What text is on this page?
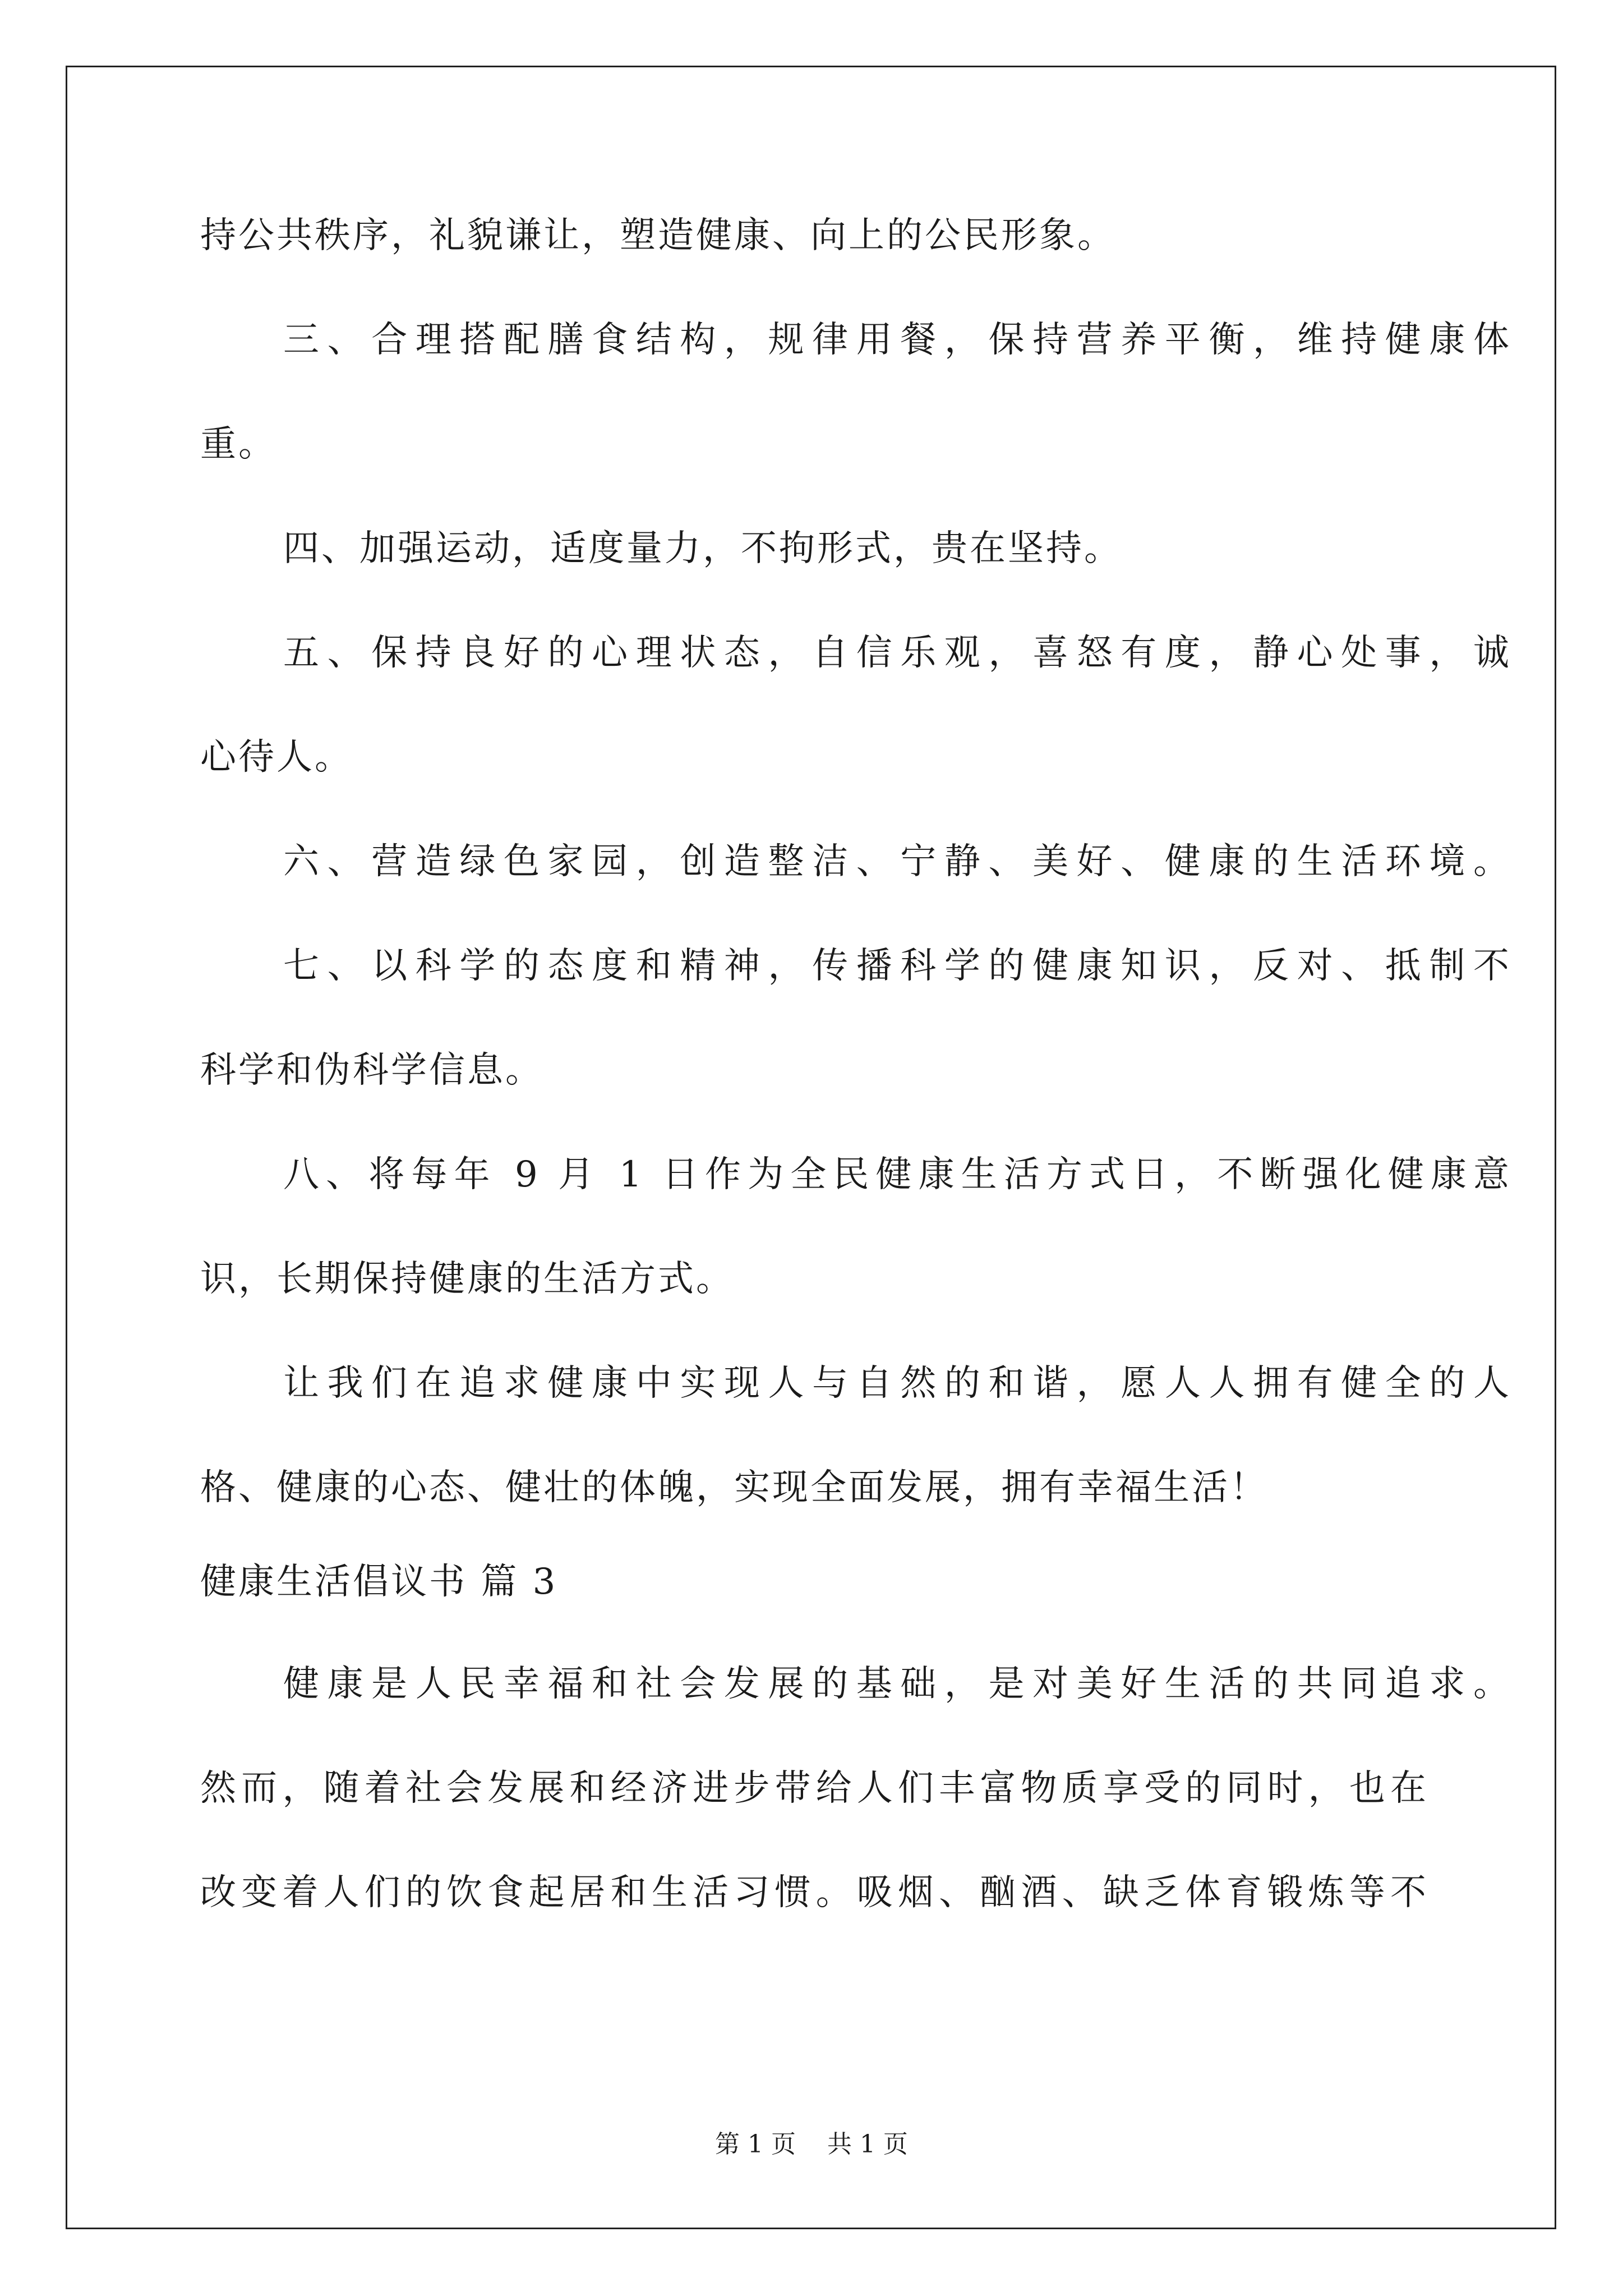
持公共秩序，礼貌谦让，塑造健康、向上的公民形象。
三、合理搭配膳食结构，规律用餐，保持营养平衡，维持健康体
重。
四、加强运动，适度量力，不拘形式，贵在坚持。
五、保持良好的心理状态，自信乐观，喜怒有度，静心处事，诚
心待人。
六、营造绿色家园，创造整洁、宁静、美好、健康的生活环境。
七、以科学的态度和精神，传播科学的健康知识，反对、抵制不
科学和伪科学信息。
八、将每年 9 月 1 日作为全民健康生活方式日，不断强化健康意
识，长期保持健康的生活方式。
让我们在追求健康中实现人与自然的和谐，愿人人拥有健全的人
格、健康的心态、健壮的体魄，实现全面发展，拥有幸福生活！
健康生活倡议书 篇 3
健康是人民幸福和社会发展的基础，是对美好生活的共同追求。
然而，随着社会发展和经济进步带给人们丰富物质享受的同时，也在
改变着人们的饮食起居和生活习惯。吸烟、酗酒、缺乏体育锻炼等不
第 1 页    共 1 页
